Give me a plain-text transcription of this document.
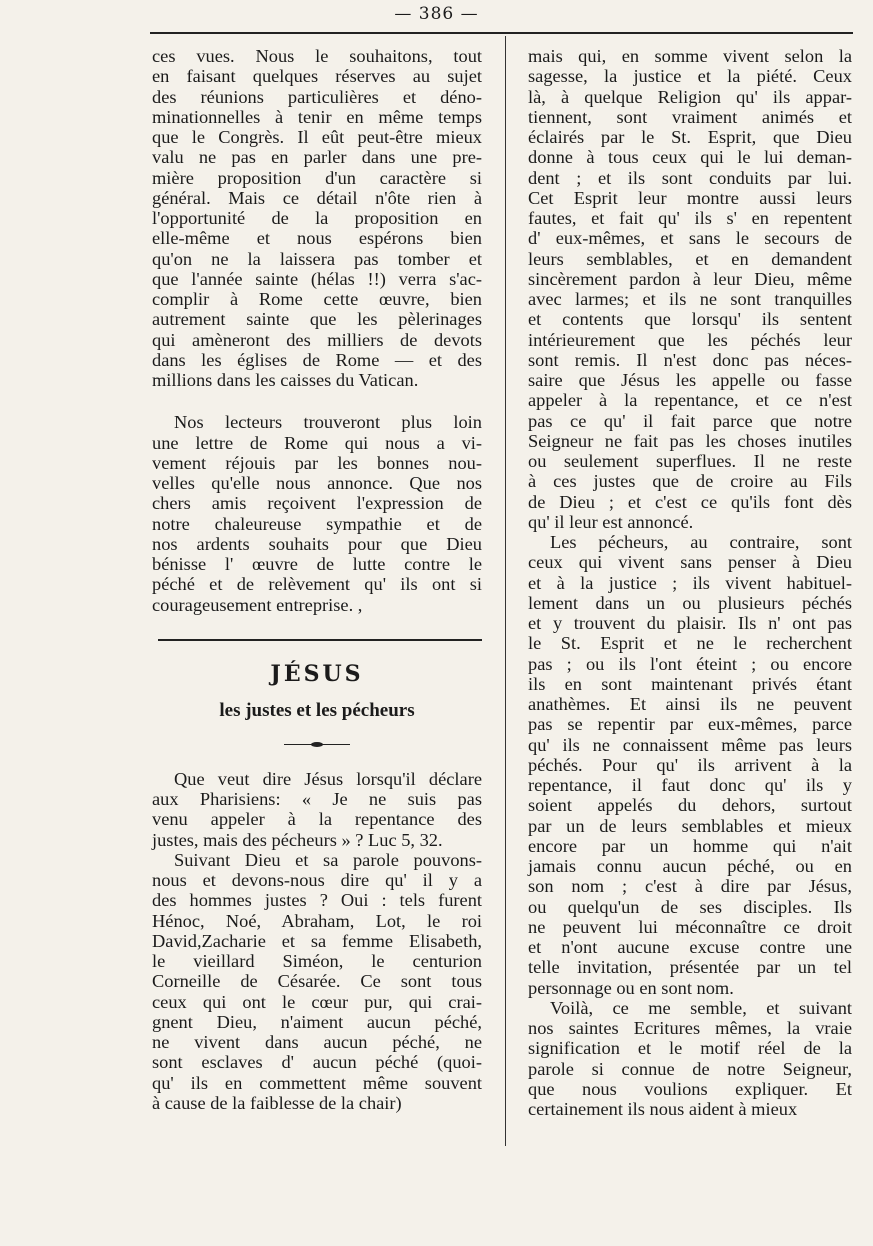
— 386 —
ces vues. Nous le souhaitons, tout
en faisant quelques réserves au sujet
des réunions particulières et déno-
minationnelles à tenir en même temps
que le Congrès. Il eût peut-être mieux
valu ne pas en parler dans une pre-
mière proposition d'un caractère si
général. Mais ce détail n'ôte rien à
l'opportunité de la proposition en
elle-même et nous espérons bien
qu'on ne la laissera pas tomber et
que l'année sainte (hélas !!) verra s'ac-
complir à Rome cette œuvre, bien
autrement sainte que les pèlerinages
qui amèneront des milliers de devots
dans les églises de Rome — et des
millions dans les caisses du Vatican.
Nos lecteurs trouveront plus loin
une lettre de Rome qui nous a vi-
vement réjouis par les bonnes nou-
velles qu'elle nous annonce. Que nos
chers amis reçoivent l'expression de
notre chaleureuse sympathie et de
nos ardents souhaits pour que Dieu
bénisse l' œuvre de lutte contre le
péché et de relèvement qu' ils ont si
courageusement entreprise. ,
JÉSUS
les justes et les pécheurs
Que veut dire Jésus lorsqu'il déclare
aux Pharisiens: « Je ne suis pas
venu appeler à la repentance des
justes, mais des pécheurs » ? Luc 5, 32.
Suivant Dieu et sa parole pouvons-
nous et devons-nous dire qu' il y a
des hommes justes ? Oui : tels furent
Hénoc, Noé, Abraham, Lot, le roi
David,Zacharie et sa femme Elisabeth,
le vieillard Siméon, le centurion
Corneille de Césarée. Ce sont tous
ceux qui ont le cœur pur, qui crai-
gnent Dieu, n'aiment aucun péché,
ne vivent dans aucun péché, ne
sont esclaves d' aucun péché (quoi-
qu' ils en commettent même souvent
à cause de la faiblesse de la chair)
mais qui, en somme vivent selon la
sagesse, la justice et la piété. Ceux
là, à quelque Religion qu' ils appar-
tiennent, sont vraiment animés et
éclairés par le St. Esprit, que Dieu
donne à tous ceux qui le lui deman-
dent ; et ils sont conduits par lui.
Cet Esprit leur montre aussi leurs
fautes, et fait qu' ils s' en repentent
d' eux-mêmes, et sans le secours de
leurs semblables, et en demandent
sincèrement pardon à leur Dieu, même
avec larmes; et ils ne sont tranquilles
et contents que lorsqu' ils sentent
intérieurement que les péchés leur
sont remis. Il n'est donc pas néces-
saire que Jésus les appelle ou fasse
appeler à la repentance, et ce n'est
pas ce qu' il fait parce que notre
Seigneur ne fait pas les choses inutiles
ou seulement superflues. Il ne reste
à ces justes que de croire au Fils
de Dieu ; et c'est ce qu'ils font dès
qu' il leur est annoncé.
Les pécheurs, au contraire, sont
ceux qui vivent sans penser à Dieu
et à la justice ; ils vivent habituel-
lement dans un ou plusieurs péchés
et y trouvent du plaisir. Ils n' ont pas
le St. Esprit et ne le recherchent
pas ; ou ils l'ont éteint ; ou encore
ils en sont maintenant privés étant
anathèmes. Et ainsi ils ne peuvent
pas se repentir par eux-mêmes, parce
qu' ils ne connaissent même pas leurs
péchés. Pour qu' ils arrivent à la
repentance, il faut donc qu' ils y
soient appelés du dehors, surtout
par un de leurs semblables et mieux
encore par un homme qui n'ait
jamais connu aucun péché, ou en
son nom ; c'est à dire par Jésus,
ou quelqu'un de ses disciples. Ils
ne peuvent lui méconnaître ce droit
et n'ont aucune excuse contre une
telle invitation, présentée par un tel
personnage ou en sont nom.
Voilà, ce me semble, et suivant
nos saintes Ecritures mêmes, la vraie
signification et le motif réel de la
parole si connue de notre Seigneur,
que nous voulions expliquer. Et
certainement ils nous aident à mieux
